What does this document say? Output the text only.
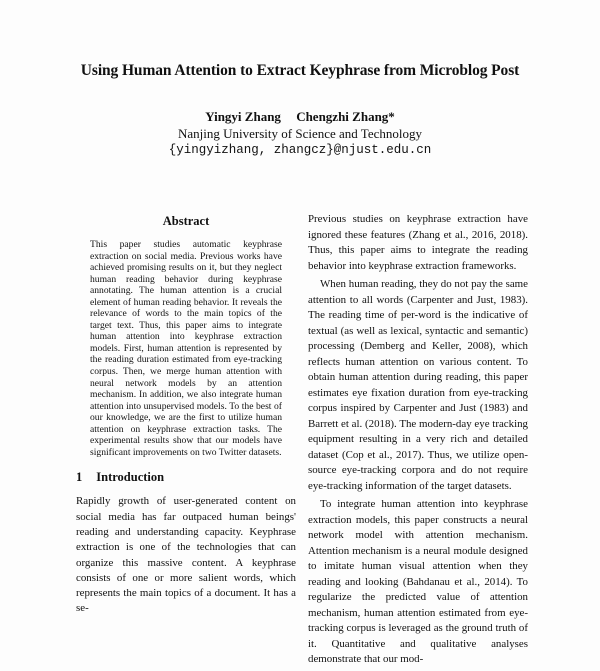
Using Human Attention to Extract Keyphrase from Microblog Post
Yingyi Zhang Chengzhi Zhang*
Nanjing University of Science and Technology
{yingyizhang, zhangcz}@njust.edu.cn
Abstract
This paper studies automatic keyphrase extraction on social media. Previous works have achieved promising results on it, but they neglect human reading behavior during keyphrase annotating. The human attention is a crucial element of human reading behavior. It reveals the relevance of words to the main topics of the target text. Thus, this paper aims to integrate human attention into keyphrase extraction models. First, human attention is represented by the reading duration estimated from eye-tracking corpus. Then, we merge human attention with neural network models by an attention mechanism. In addition, we also integrate human attention into unsupervised models. To the best of our knowledge, we are the first to utilize human attention on keyphrase extraction tasks. The experimental results show that our models have significant improvements on two Twitter datasets.
1 Introduction
Rapidly growth of user-generated content on social media has far outpaced human beings' reading and understanding capacity. Keyphrase extraction is one of the technologies that can organize this massive content. A keyphrase consists of one or more salient words, which represents the main topics of a document. It has a se-

Previous studies on keyphrase extraction have ignored these features (Zhang et al., 2016, 2018). Thus, this paper aims to integrate the reading behavior into keyphrase extraction frameworks.

When human reading, they do not pay the same attention to all words (Carpenter and Just, 1983). The reading time of per-word is the indicative of textual (as well as lexical, syntactic and semantic) processing (Demberg and Keller, 2008), which reflects human attention on various content. To obtain human attention during reading, this paper estimates eye fixation duration from eye-tracking corpus inspired by Carpenter and Just (1983) and Barrett et al. (2018). The modern-day eye tracking equipment resulting in a very rich and detailed dataset (Cop et al., 2017). Thus, we utilize open-source eye-tracking corpora and do not require eye-tracking information of the target datasets.

To integrate human attention into keyphrase extraction models, this paper constructs a neural network model with attention mechanism. Attention mechanism is a neural module designed to imitate human visual attention when they reading and looking (Bahdanau et al., 2014). To regularize the predicted value of attention mechanism, human attention estimated from eye-tracking corpus is leveraged as the ground truth of it. Quantitative and qualitative analyses demonstrate that our mod-
